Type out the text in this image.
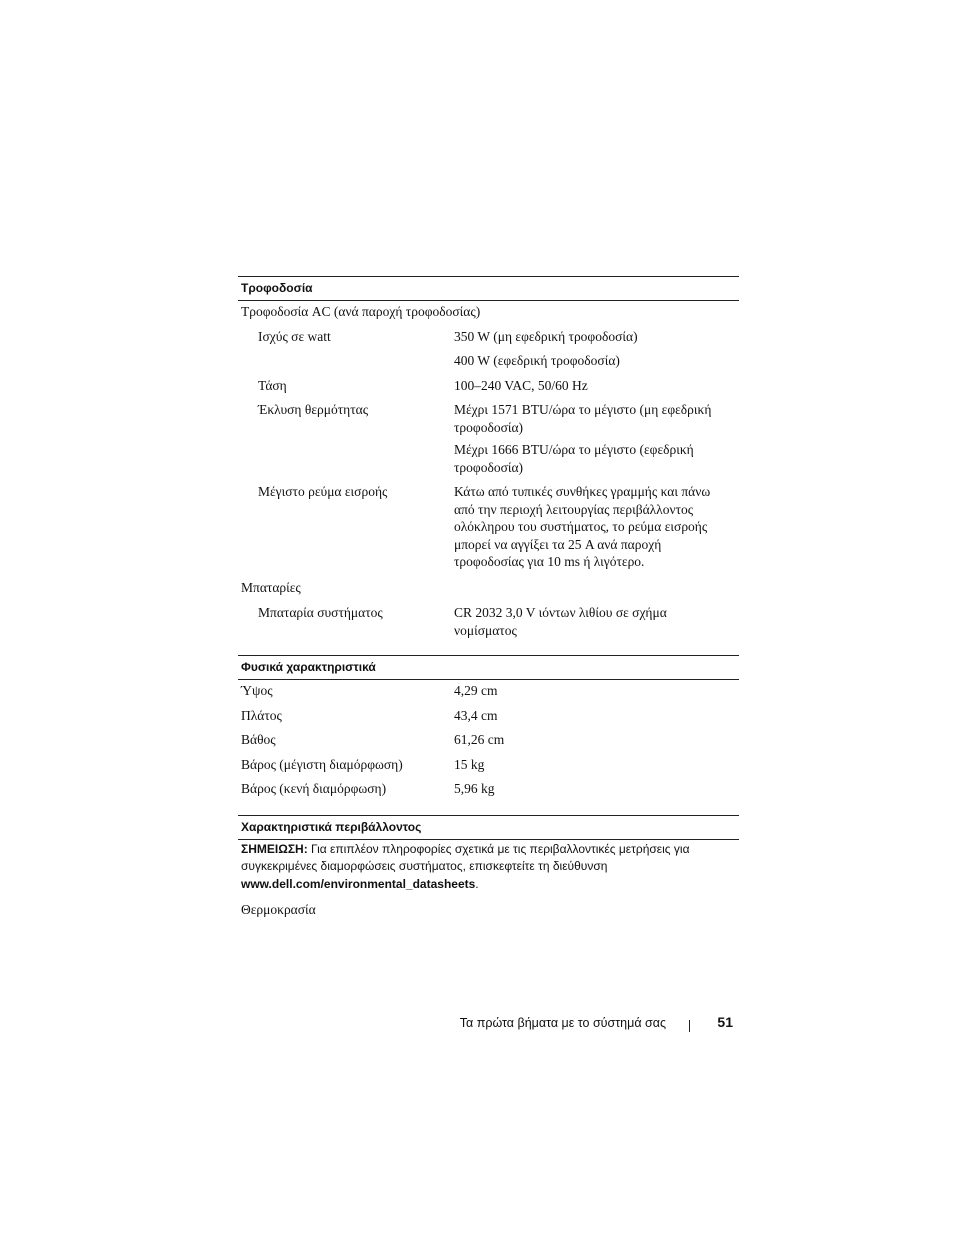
Τροφοδοσία
Τροφοδοσία AC (ανά παροχή τροφοδοσίας)
Ισχύς σε watt	350 W (μη εφεδρική τροφοδοσία)
400 W (εφεδρική τροφοδοσία)
Τάση	100–240 VAC, 50/60 Hz
Έκλυση θερμότητας	Μέχρι 1571 BTU/ώρα το μέγιστο (μη εφεδρική τροφοδοσία)
Μέχρι 1666 BTU/ώρα το μέγιστο (εφεδρική τροφοδοσία)
Μέγιστο ρεύμα εισροής	Κάτω από τυπικές συνθήκες γραμμής και πάνω από την περιοχή λειτουργίας περιβάλλοντος ολόκληρου του συστήματος, το ρεύμα εισροής μπορεί να αγγίξει τα 25 A ανά παροχή τροφοδοσίας για 10 ms ή λιγότερο.
Μπαταρίες
Μπαταρία συστήματος	CR 2032 3,0 V ιόντων λιθίου σε σχήμα νομίσματος
Φυσικά χαρακτηριστικά
Ύψος	4,29 cm
Πλάτος	43,4 cm
Βάθος	61,26 cm
Βάρος (μέγιστη διαμόρφωση)	15 kg
Βάρος (κενή διαμόρφωση)	5,96 kg
Χαρακτηριστικά περιβάλλοντος
ΣΗΜΕΙΩΣΗ: Για επιπλέον πληροφορίες σχετικά με τις περιβαλλοντικές μετρήσεις για συγκεκριμένες διαμορφώσεις συστήματος, επισκεφτείτε τη διεύθυνση www.dell.com/environmental_datasheets.
Θερμοκρασία
Τα πρώτα βήματα με το σύστημά σας	51
